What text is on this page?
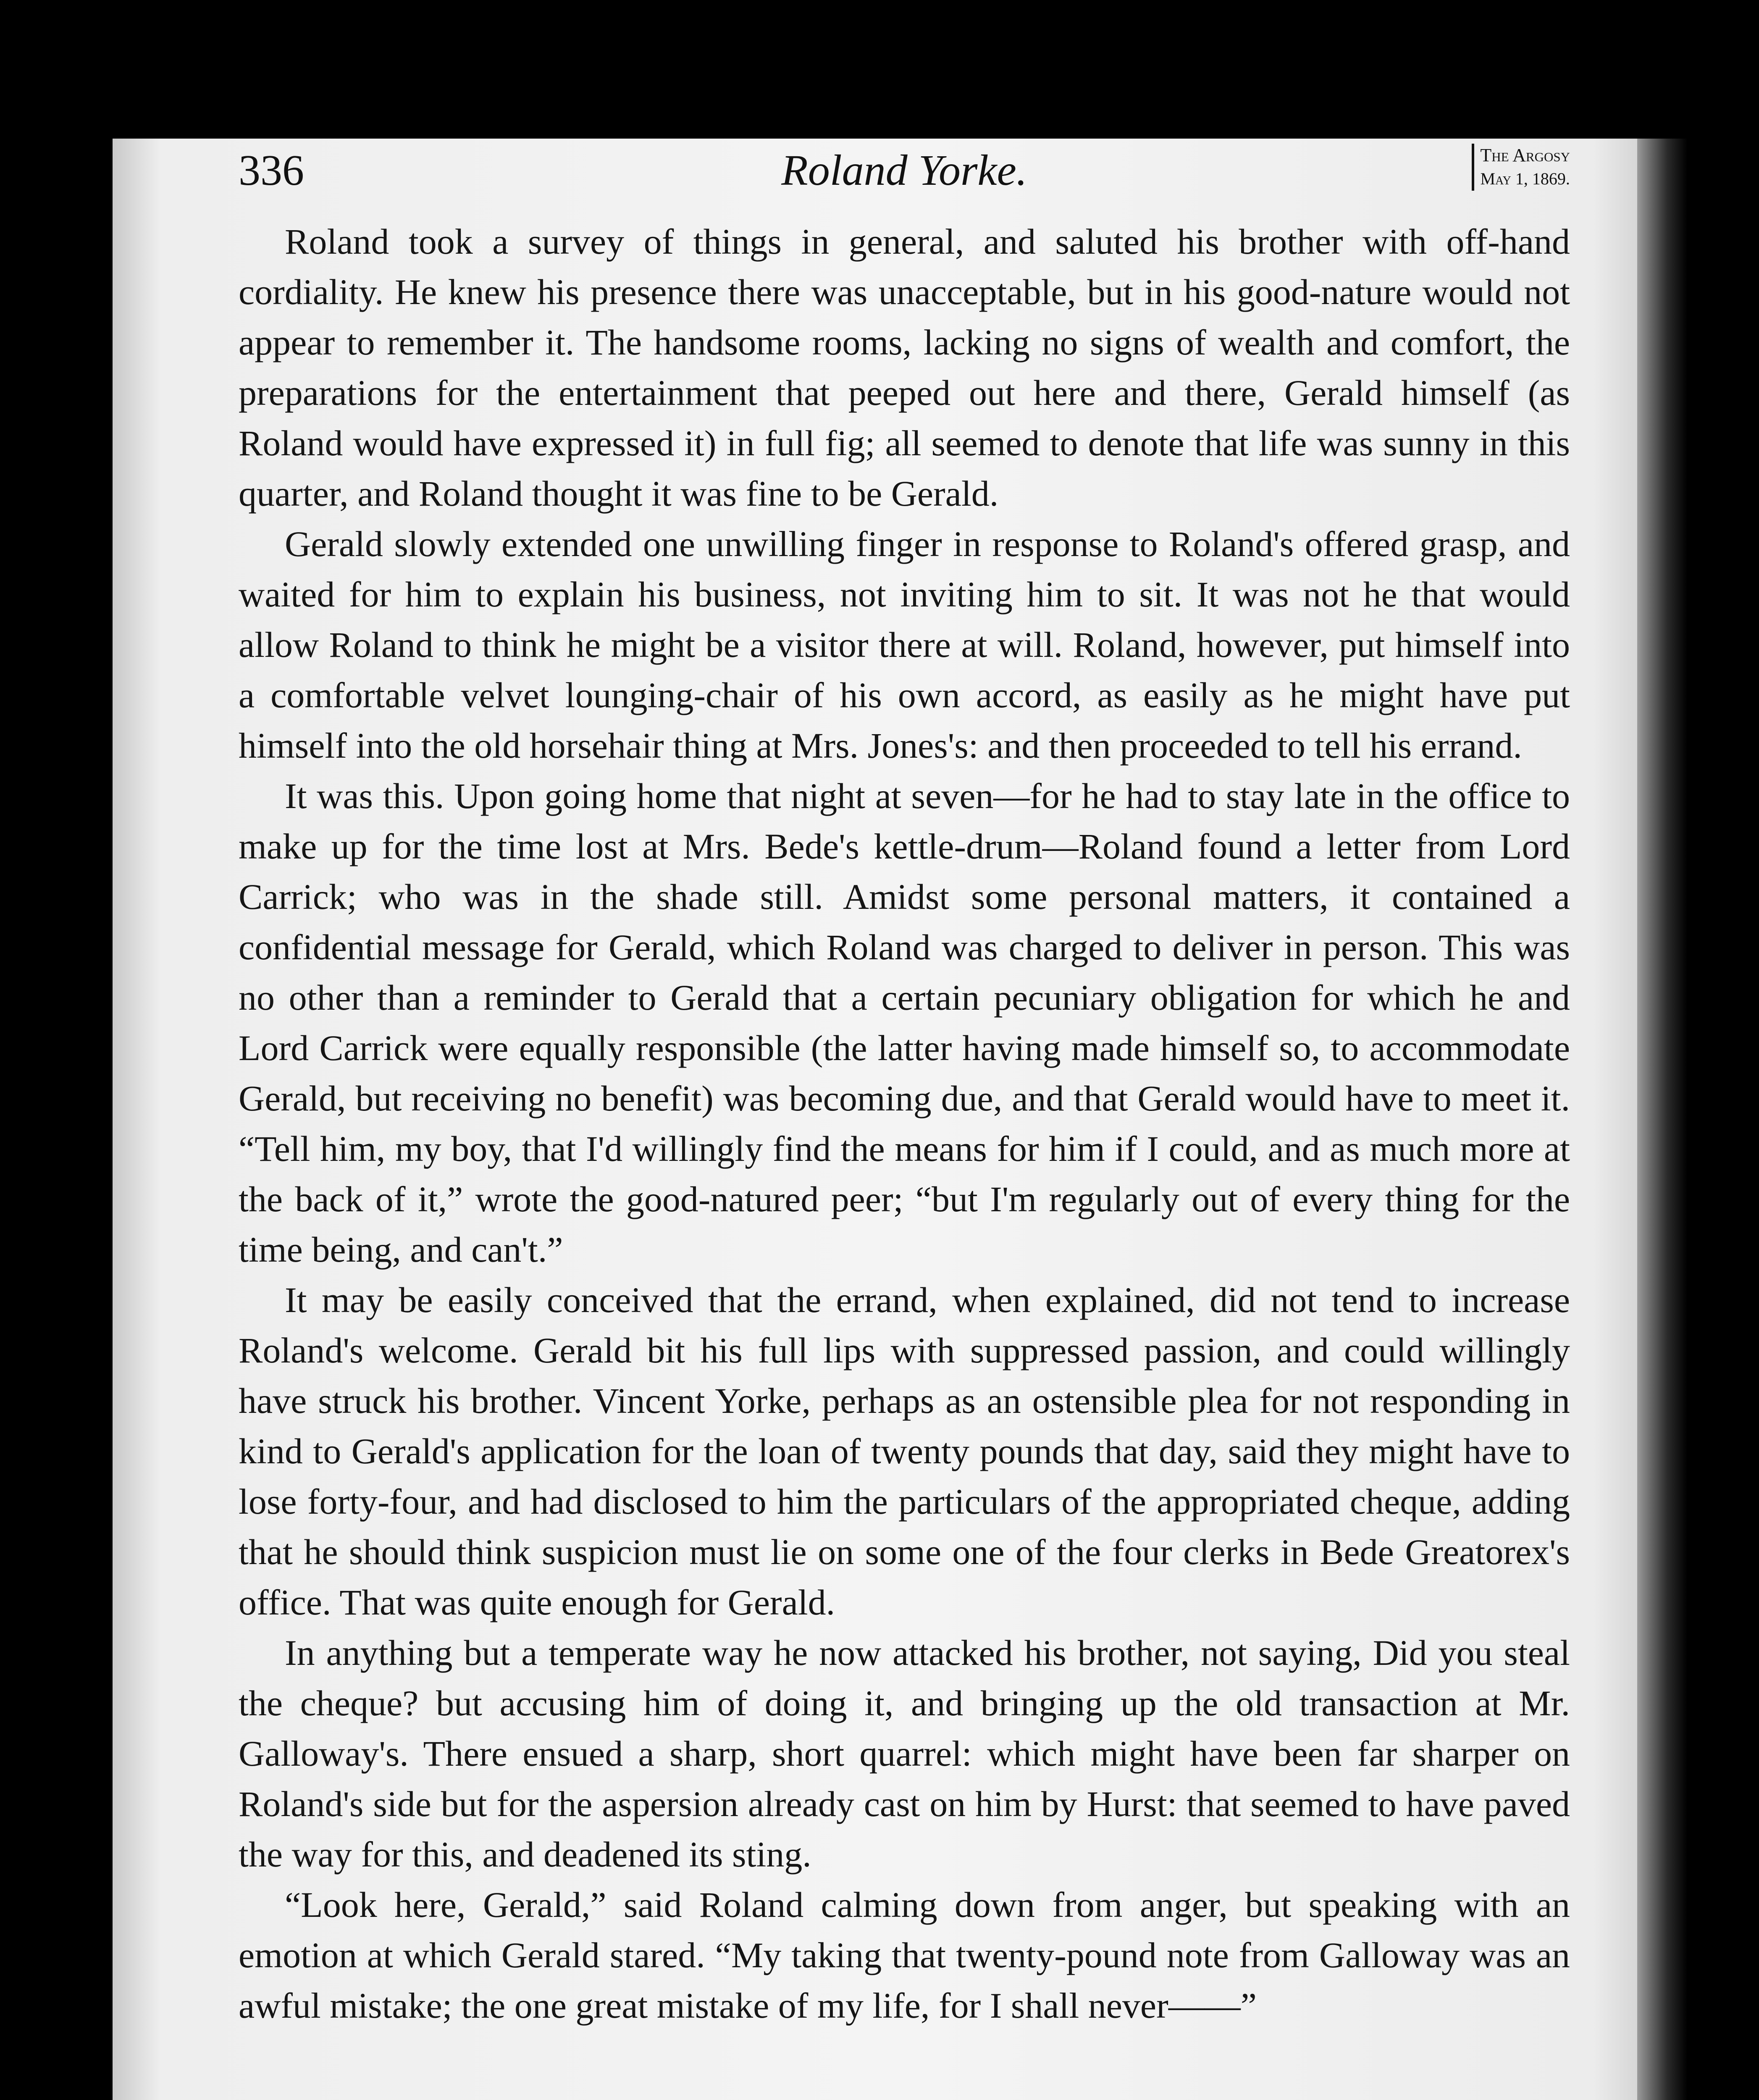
336	Roland Yorke.	The Argosy
May 1, 1869.

Roland took a survey of things in general, and saluted his brother with off-hand cordiality. He knew his presence there was unacceptable, but in his good-nature would not appear to remember it. The handsome rooms, lacking no signs of wealth and comfort, the preparations for the entertainment that peeped out here and there, Gerald himself (as Roland would have expressed it) in full fig; all seemed to denote that life was sunny in this quarter, and Roland thought it was fine to be Gerald.

Gerald slowly extended one unwilling finger in response to Roland's offered grasp, and waited for him to explain his business, not inviting him to sit. It was not he that would allow Roland to think he might be a visitor there at will. Roland, however, put himself into a comfortable velvet lounging-chair of his own accord, as easily as he might have put himself into the old horsehair thing at Mrs. Jones's: and then proceeded to tell his errand.

It was this. Upon going home that night at seven—for he had to stay late in the office to make up for the time lost at Mrs. Bede's kettle-drum—Roland found a letter from Lord Carrick; who was in the shade still. Amidst some personal matters, it contained a confidential message for Gerald, which Roland was charged to deliver in person. This was no other than a reminder to Gerald that a certain pecuniary obligation for which he and Lord Carrick were equally responsible (the latter having made himself so, to accommodate Gerald, but receiving no benefit) was becoming due, and that Gerald would have to meet it. “Tell him, my boy, that I'd willingly find the means for him if I could, and as much more at the back of it,” wrote the good-natured peer; “but I'm regularly out of every thing for the time being, and can't.”

It may be easily conceived that the errand, when explained, did not tend to increase Roland's welcome. Gerald bit his full lips with suppressed passion, and could willingly have struck his brother. Vincent Yorke, perhaps as an ostensible plea for not responding in kind to Gerald's application for the loan of twenty pounds that day, said they might have to lose forty-four, and had disclosed to him the particulars of the appropriated cheque, adding that he should think suspicion must lie on some one of the four clerks in Bede Greatorex's office. That was quite enough for Gerald.

In anything but a temperate way he now attacked his brother, not saying, Did you steal the cheque? but accusing him of doing it, and bringing up the old transaction at Mr. Galloway's. There ensued a sharp, short quarrel: which might have been far sharper on Roland's side but for the aspersion already cast on him by Hurst: that seemed to have paved the way for this, and deadened its sting.

“Look here, Gerald,” said Roland calming down from anger, but speaking with an emotion at which Gerald stared. “My taking that twenty-pound note from Galloway was an awful mistake; the one great mistake of my life, for I shall never——”
